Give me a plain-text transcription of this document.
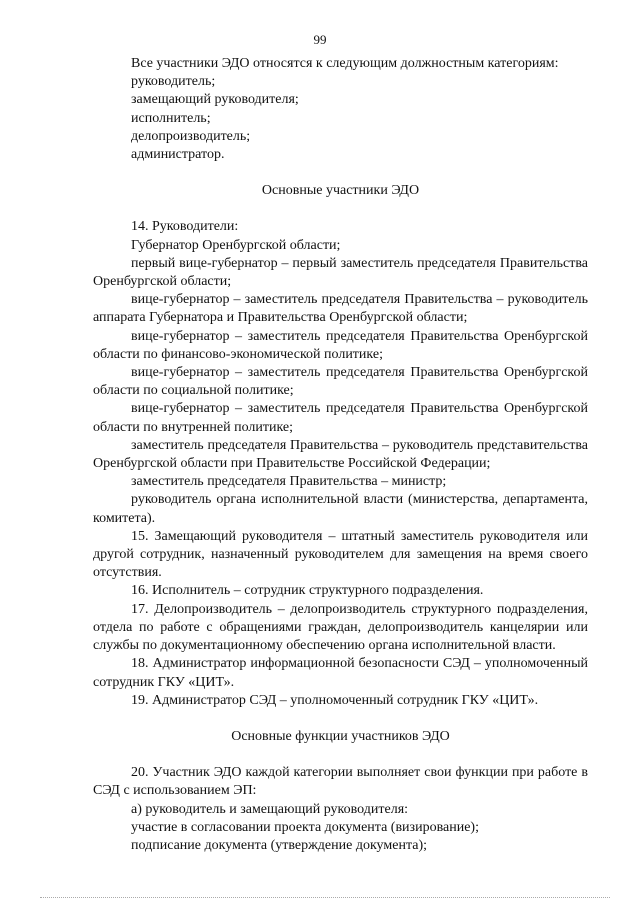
99
Все участники ЭДО относятся к следующим должностным категориям:
руководитель;
замещающий руководителя;
исполнитель;
делопроизводитель;
администратор.
Основные участники ЭДО
14. Руководители:
Губернатор Оренбургской области;
первый вице-губернатор – первый заместитель председателя Правительства Оренбургской области;
вице-губернатор – заместитель председателя Правительства – руководитель аппарата Губернатора и Правительства Оренбургской области;
вице-губернатор – заместитель председателя Правительства Оренбургской области по финансово-экономической политике;
вице-губернатор – заместитель председателя Правительства Оренбургской области по социальной политике;
вице-губернатор – заместитель председателя Правительства Оренбургской области по внутренней политике;
заместитель председателя Правительства – руководитель представительства Оренбургской области при Правительстве Российской Федерации;
заместитель председателя Правительства – министр;
руководитель органа исполнительной власти (министерства, департамента, комитета).
15. Замещающий руководителя – штатный заместитель руководителя или другой сотрудник, назначенный руководителем для замещения на время своего отсутствия.
16. Исполнитель – сотрудник структурного подразделения.
17. Делопроизводитель – делопроизводитель структурного подразделения, отдела по работе с обращениями граждан, делопроизводитель канцелярии или службы по документационному обеспечению органа исполнительной власти.
18. Администратор информационной безопасности СЭД – уполномоченный сотрудник ГКУ «ЦИТ».
19. Администратор СЭД – уполномоченный сотрудник ГКУ «ЦИТ».
Основные функции участников ЭДО
20. Участник ЭДО каждой категории выполняет свои функции при работе в СЭД с использованием ЭП:
а) руководитель и замещающий руководителя:
участие в согласовании проекта документа (визирование);
подписание документа (утверждение документа);
